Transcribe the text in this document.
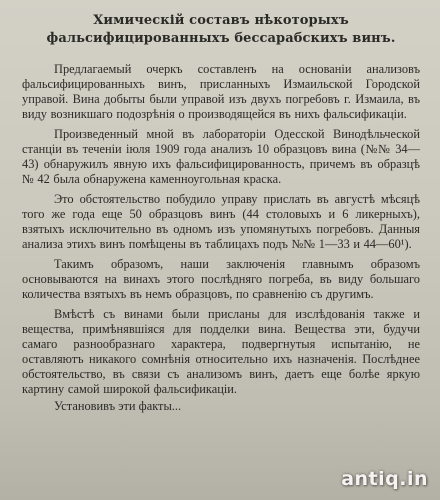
Химическій составъ нѣкоторыхъ фальсифицированныхъ бессарабскихъ винъ.

Предлагаемый очеркъ составленъ на основаніи анализовъ фальсифицированныхъ винъ, присланныхъ Измаильской Городской управой. Вина добыты были управой изъ двухъ погребовъ г. Измаила, въ виду возникшаго подозрѣнія о производящейся въ нихъ фальсификаціи.

Произведенный мной въ лабораторіи Одесской Винодѣльческой станціи въ теченіи іюля 1909 года анализъ 10 образцовъ вина (№№ 34—43) обнаружилъ явную ихъ фальсифицированность, причемъ въ образцѣ № 42 была обнаружена каменноугольная краска.

Это обстоятельство побудило управу прислать въ августѣ мѣсяцѣ того же года еще 50 образцовъ винъ (44 столовыхъ и 6 ликерныхъ), взятыхъ исключительно въ одномъ изъ упомянутыхъ погребовъ. Данныя анализа этихъ винъ помѣщены въ таблицахъ подъ №№ 1—33 и 44—60¹).

Такимъ образомъ, наши заключенія главнымъ образомъ основываются на винахъ этого послѣдняго погреба, въ виду большаго количества взятыхъ въ немъ образцовъ, по сравненію съ другимъ.

Вмѣстѣ съ винами были присланы для изслѣдованія также и вещества, примѣнявшіяся для подделки вина. Вещества эти, будучи самаго разнообразнаго характера, подвергнутыя испытанію, не оставляютъ никакого сомнѣнія относительно ихъ назначенія. Послѣднее обстоятельство, въ связи съ анализомъ винъ, даетъ еще болѣе яркую картину самой широкой фальсификаціи.

Установивъ эти факты...
antiq.in
